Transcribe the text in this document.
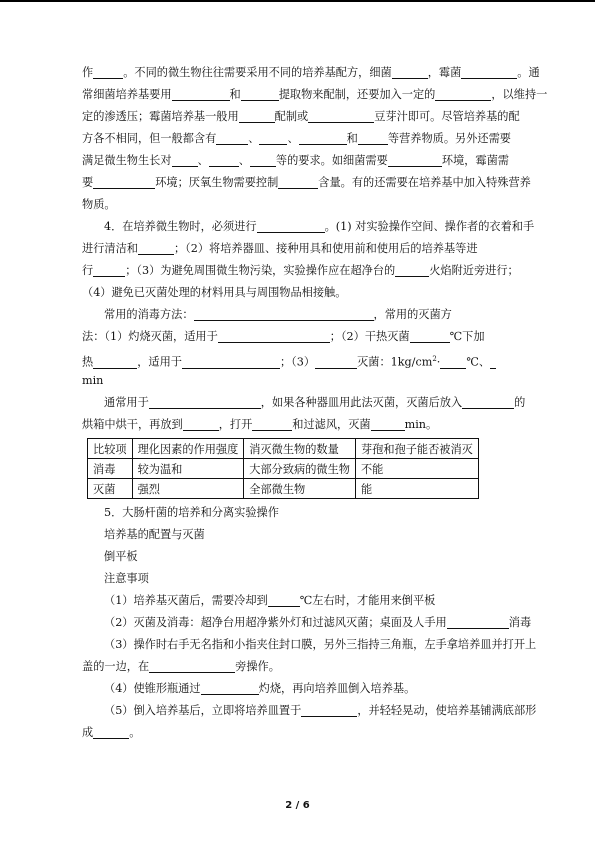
作	。不同的微生物往往需要采用不同的培养基配方，细菌	，霉菌	。通
常细菌培养基要用	和	提取物来配制，还要加入一定的	，以维持一
定的渗透压；霉菌培养基一般用	配制或	豆芽汁即可。尽管培养基的配
方各不相同，但一般都含有	、	、	和	等营养物质。另外还需要
满足微生物生长对 、	、 等的要求。如细菌需要	环境，霉菌需
要	环境；厌氧生物需要控制	含量。有的还需要在培养基中加入特殊营养
物质。
4．在培养微生物时，必须进行	。(1) 对实验操作空间、操作者的衣着和手
进行清洁和	；（2）将培养器皿、接种用具和使用前和使用后的培养基等进
行	；（3）为避免周围微生物污染，实验操作应在超净台的	火焰附近旁进行；
（4）避免已灭菌处理的材料用具与周围物品相接触。
常用的消毒方法：	，常用的灭菌方
法：（1）灼烧灭菌，适用于	；（2）干热灭菌	℃下加
热	，适用于	；（3）	灭菌：$1kg/cm^2\cdot$ ℃、
min
通常用于	，如果各种器皿用此法灭菌，灭菌后放入	的
烘箱中烘干，再放到	，打开	和过滤风，灭菌	min。
比较项	理化因素的作用强度	消灭微生物的数量	芽孢和孢子能否被消灭
消毒	较为温和	大部分致病的微生物	不能
灭菌	强烈	全部微生物	能
5．大肠杆菌的培养和分离实验操作
培养基的配置与灭菌
倒平板
注意事项
（1）培养基灭菌后，需要冷却到	℃左右时，才能用来倒平板
（2）灭菌及消毒：超净台用超净紫外灯和过滤风灭菌；桌面及人手用	消毒
（3）操作时右手无名指和小指夹住封口膜，另外三指持三角瓶，左手拿培养皿并打开上
盖的一边，在	旁操作。
（4）使锥形瓶通过	灼烧，再向培养皿倒入培养基。
（5）倒入培养基后，立即将培养皿置于	，并轻轻晃动，使培养基铺满底部形
成	。
2 / 6
